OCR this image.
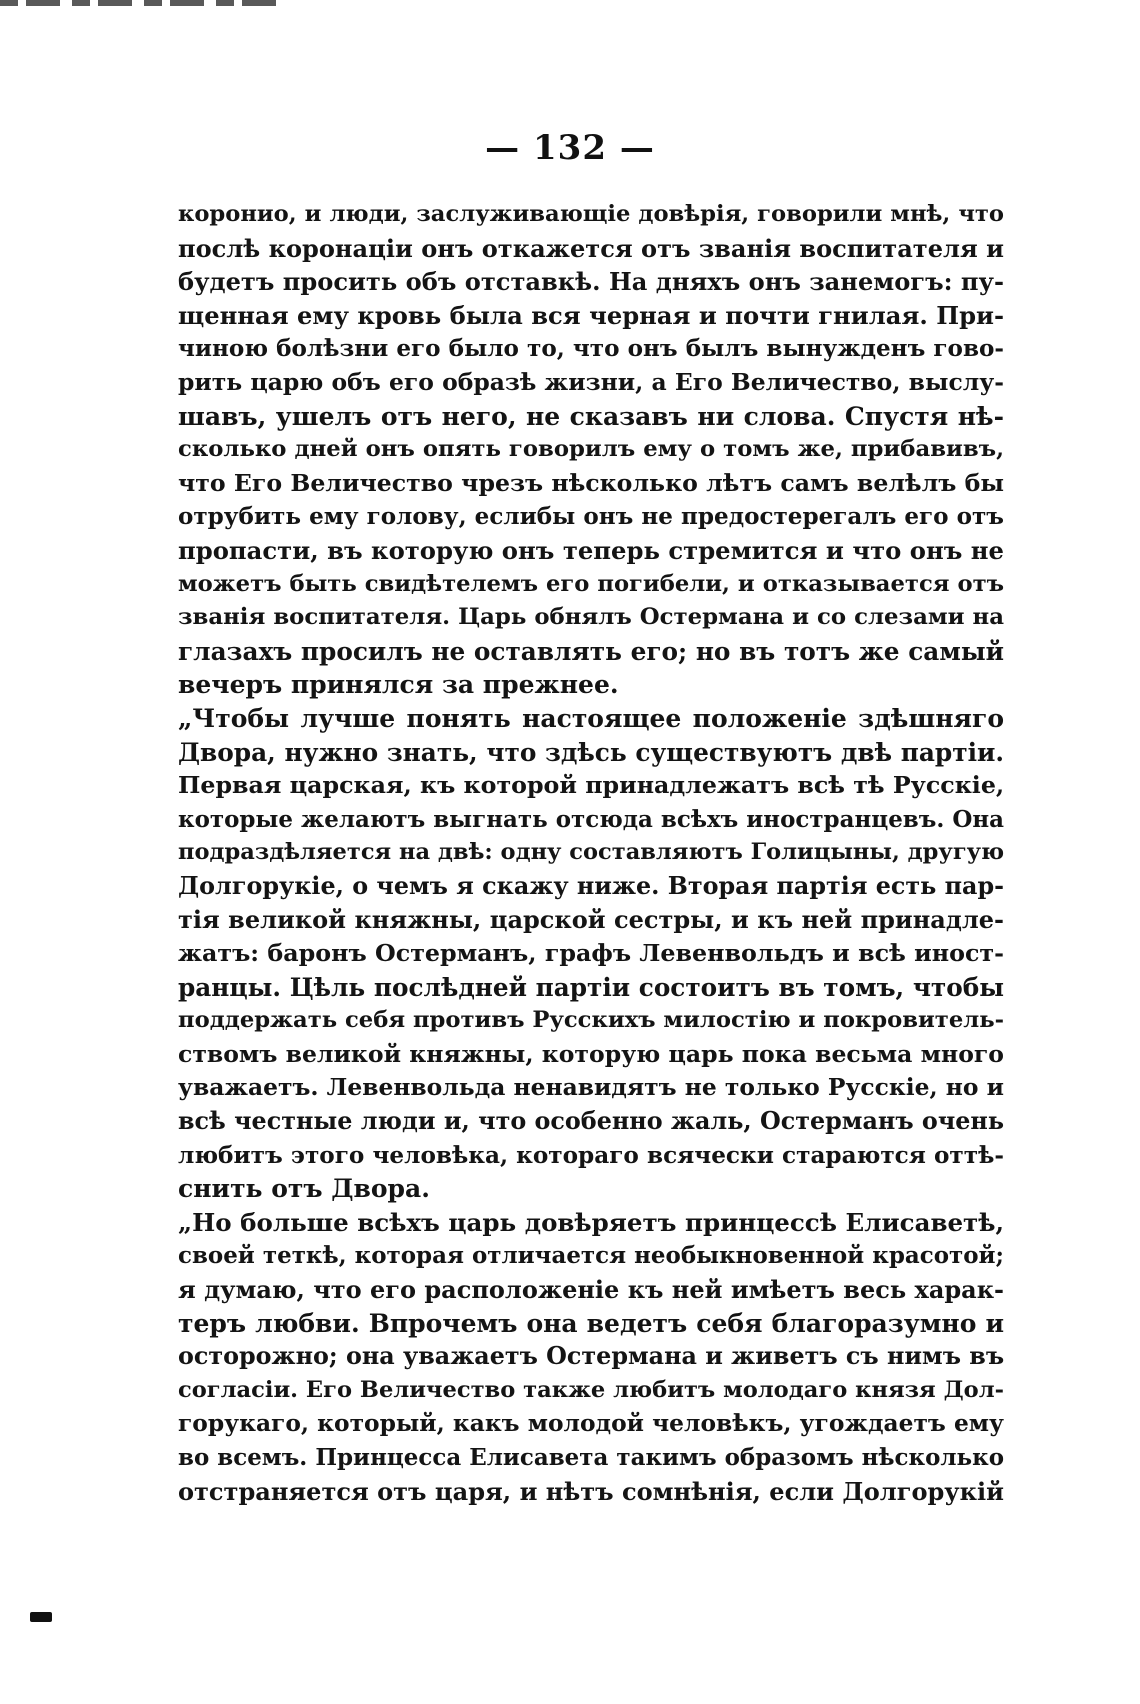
— 132 —
коронио, и люди, заслуживающіе довѣрія, говорили мнѣ, что
послѣ коронаціи онъ откажется отъ званія воспитателя и
будетъ просить объ отставкѣ. На дняхъ онъ занемогъ: пу-
щенная ему кровь была вся черная и почти гнилая. При-
чиною болѣзни его было то, что онъ былъ вынужденъ гово-
рить царю объ его образѣ жизни, а Его Величество, выслу-
шавъ, ушелъ отъ него, не сказавъ ни слова. Спустя нѣ-
сколько дней онъ опять говорилъ ему о томъ же, прибавивъ,
что Его Величество чрезъ нѣсколько лѣтъ самъ велѣлъ бы
отрубить ему голову, еслибы онъ не предостерегалъ его отъ
пропасти, въ которую онъ теперь стремится и что онъ не
можетъ быть свидѣтелемъ его погибели, и отказывается отъ
званія воспитателя. Царь обнялъ Остермана и со слезами на
глазахъ просилъ не оставлять его; но въ тотъ же самый
вечеръ принялся за прежнее.
„Чтобы лучше понять настоящее положеніе здѣшняго
Двора, нужно знать, что здѣсь существуютъ двѣ партіи.
Первая царская, къ которой принадлежатъ всѣ тѣ Русскіе,
которые желаютъ выгнать отсюда всѣхъ иностранцевъ. Она
подраздѣляется на двѣ: одну составляютъ Голицыны, другую
Долгорукіе, о чемъ я скажу ниже. Вторая партія есть пар-
тія великой княжны, царской сестры, и къ ней принадле-
жатъ: баронъ Остерманъ, графъ Левенвольдъ и всѣ иност-
ранцы. Цѣль послѣдней партіи состоитъ въ томъ, чтобы
поддержать себя противъ Русскихъ милостію и покровитель-
ствомъ великой княжны, которую царь пока весьма много
уважаетъ. Левенвольда ненавидятъ не только Русскіе, но и
всѣ честные люди и, что особенно жаль, Остерманъ очень
любитъ этого человѣка, котораго всячески стараются оттѣ-
снить отъ Двора.
„Но больше всѣхъ царь довѣряетъ принцессѣ Елисаветѣ,
своей теткѣ, которая отличается необыкновенной красотой;
я думаю, что его расположеніе къ ней имѣетъ весь харак-
теръ любви. Впрочемъ она ведетъ себя благоразумно и
осторожно; она уважаетъ Остермана и живетъ съ нимъ въ
согласіи. Его Величество также любитъ молодаго князя Дол-
горукаго, который, какъ молодой человѣкъ, угождаетъ ему
во всемъ. Принцесса Елисавета такимъ образомъ нѣсколько
отстраняется отъ царя, и нѣтъ сомнѣнія, если Долгорукій
